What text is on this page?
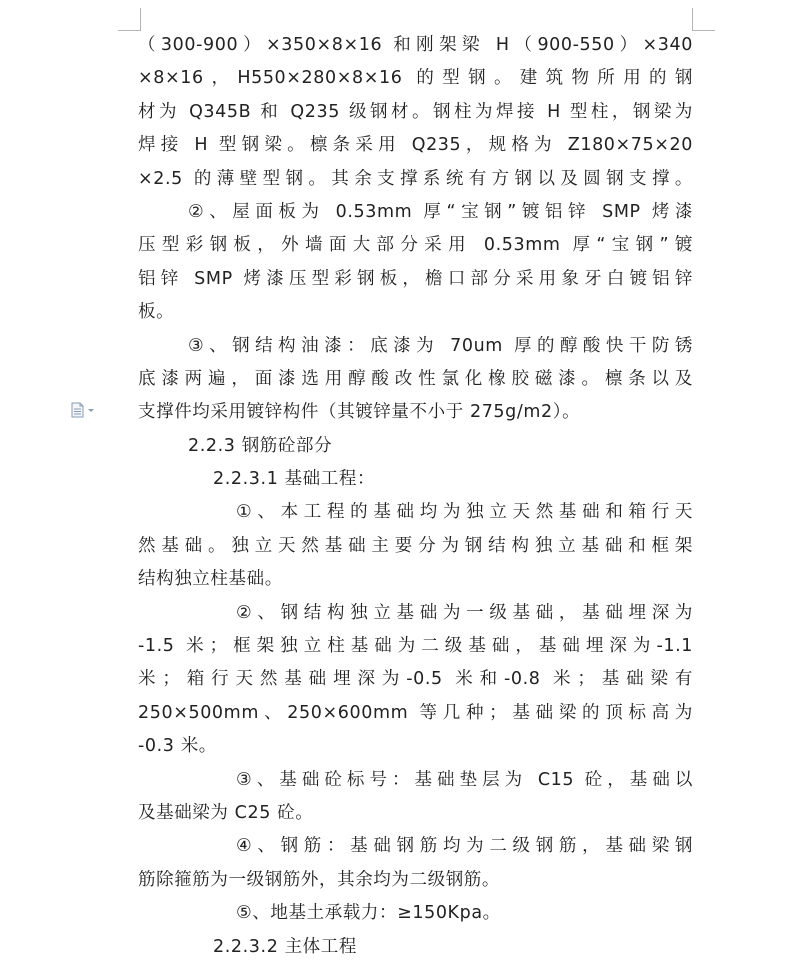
（300-900）×350×8×16 和刚架梁 H（900-550）×340
×8×16，H550×280×8×16 的型钢。建筑物所用的钢
材为 Q345B 和 Q235 级钢材。钢柱为焊接 H 型柱，钢梁为
焊接 H 型钢梁。檩条采用 Q235，规格为 Z180×75×20
×2.5 的薄壁型钢。其余支撑系统有方钢以及圆钢支撑。
②、屋面板为 0.53mm 厚“宝钢”镀铝锌 SMP 烤漆
压型彩钢板，外墙面大部分采用 0.53mm 厚“宝钢”镀
铝锌 SMP 烤漆压型彩钢板，檐口部分采用象牙白镀铝锌
板。
③、钢结构油漆：底漆为 70um 厚的醇酸快干防锈
底漆两遍，面漆选用醇酸改性氯化橡胶磁漆。檩条以及
支撑件均采用镀锌构件（其镀锌量不小于 275g/m2）。
2.2.3 钢筋砼部分
2.2.3.1 基础工程：
①、本工程的基础均为独立天然基础和箱行天
然基础。独立天然基础主要分为钢结构独立基础和框架
结构独立柱基础。
②、钢结构独立基础为一级基础，基础埋深为
-1.5 米；框架独立柱基础为二级基础，基础埋深为-1.1
米；箱行天然基础埋深为-0.5 米和-0.8 米；基础梁有
250×500mm、250×600mm 等几种；基础梁的顶标高为
-0.3 米。
③、基础砼标号：基础垫层为 C15 砼，基础以
及基础梁为 C25 砼。
④、钢筋：基础钢筋均为二级钢筋，基础梁钢
筋除箍筋为一级钢筋外，其余均为二级钢筋。
⑤、地基土承载力：≥150Kpa。
2.2.3.2 主体工程
